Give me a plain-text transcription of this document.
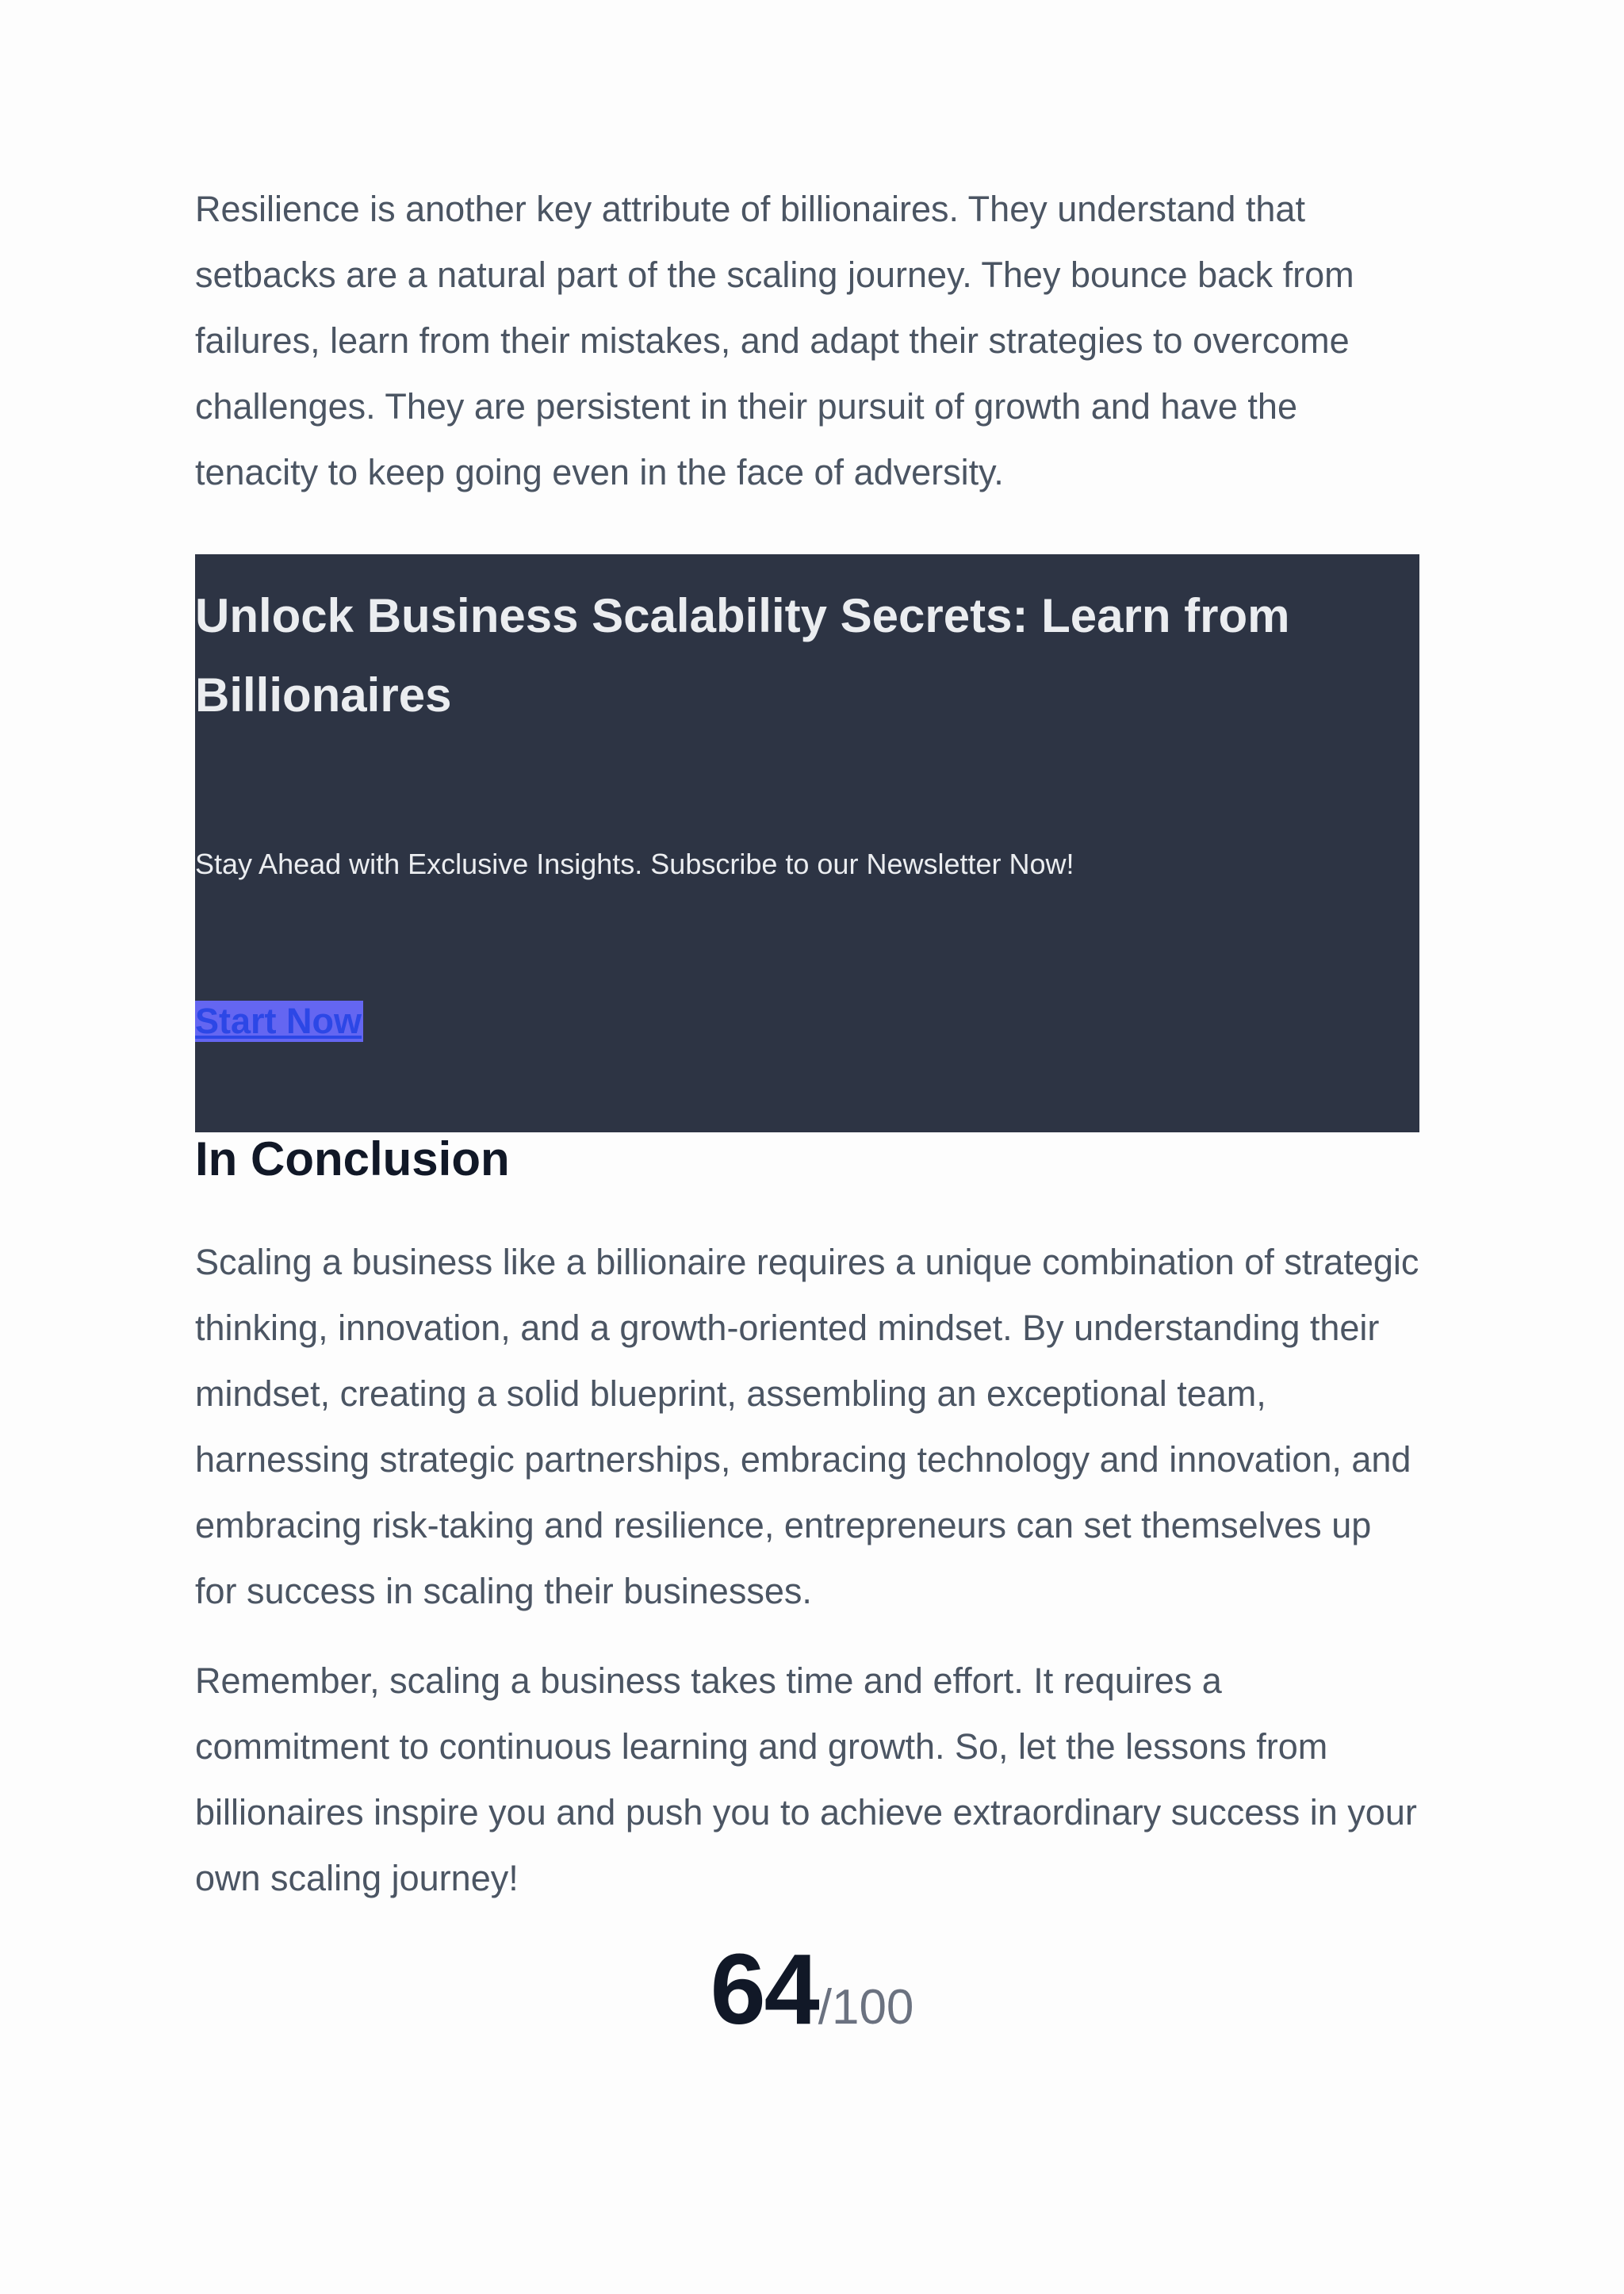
Resilience is another key attribute of billionaires. They understand that setbacks are a natural part of the scaling journey. They bounce back from failures, learn from their mistakes, and adapt their strategies to overcome challenges. They are persistent in their pursuit of growth and have the tenacity to keep going even in the face of adversity.

Unlock Business Scalability Secrets: Learn from Billionaires

Stay Ahead with Exclusive Insights. Subscribe to our Newsletter Now!

Start Now
In Conclusion

Scaling a business like a billionaire requires a unique combination of strategic thinking, innovation, and a growth-oriented mindset. By understanding their mindset, creating a solid blueprint, assembling an exceptional team, harnessing strategic partnerships, embracing technology and innovation, and embracing risk-taking and resilience, entrepreneurs can set themselves up for success in scaling their businesses.

Remember, scaling a business takes time and effort. It requires a commitment to continuous learning and growth. So, let the lessons from billionaires inspire you and push you to achieve extraordinary success in your own scaling journey!

64/100
